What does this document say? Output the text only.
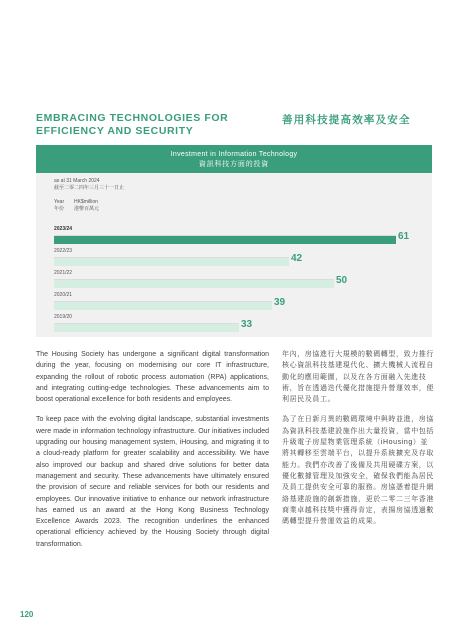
EMBRACING TECHNOLOGIES FOR EFFICIENCY AND SECURITY
善用科技提高效率及安全
Investment in Information Technology
資訊科技方面的投資
as at 31 March 2024
截至二零二四年三月三十一日止
Year HK$million
年份 港幣百萬元
2023/24
61
2022/23
42
2021/22
50
2020/21
39
2019/20
33

The Housing Society has undergone a significant digital transformation during the year, focusing on modernising our core IT infrastructure, expanding the rollout of robotic process automation (RPA) applications, and integrating cutting-edge technologies. These advancements aim to boost operational excellence for both residents and employees.

To keep pace with the evolving digital landscape, substantial investments were made in information technology infrastructure. Our initiatives included upgrading our housing management system, iHousing, and migrating it to a cloud-ready platform for greater scalability and accessibility. We have also improved our backup and shared drive solutions for better data management and security. These advancements have ultimately ensured the provision of secure and reliable services for both our residents and employees. Our innovative initiative to enhance our network infrastructure has earned us an award at the Hong Kong Business Technology Excellence Awards 2023. The recognition underlines the enhanced operational efficiency achieved by the Housing Society through digital transformation.

年內，房協進行大規模的數碼轉型，致力推行核心資訊科技基建現代化、擴大機械人流程自動化的應用範圍，以及在各方面融入先進技術，旨在透過迭代優化措施提升營運效率，便利居民及員工。

為了在日新月異的數碼環境中與時並進，房協為資訊科技基建設施作出大量投資，當中包括升級電子房屋物業管理系統（iHousing）並將其轉移至雲端平台，以提升系統擴充及存取能力。我們亦改善了後備及共用硬碟方案，以優化數據管理及加強安全，確保我們能為居民及員工提供安全可靠的服務。房協憑着提升網絡基建設施的創新措施，更於二零二三年香港商業卓越科技獎中獲得肯定，表揚房協透過數碼轉型提升營運效益的成果。

120
